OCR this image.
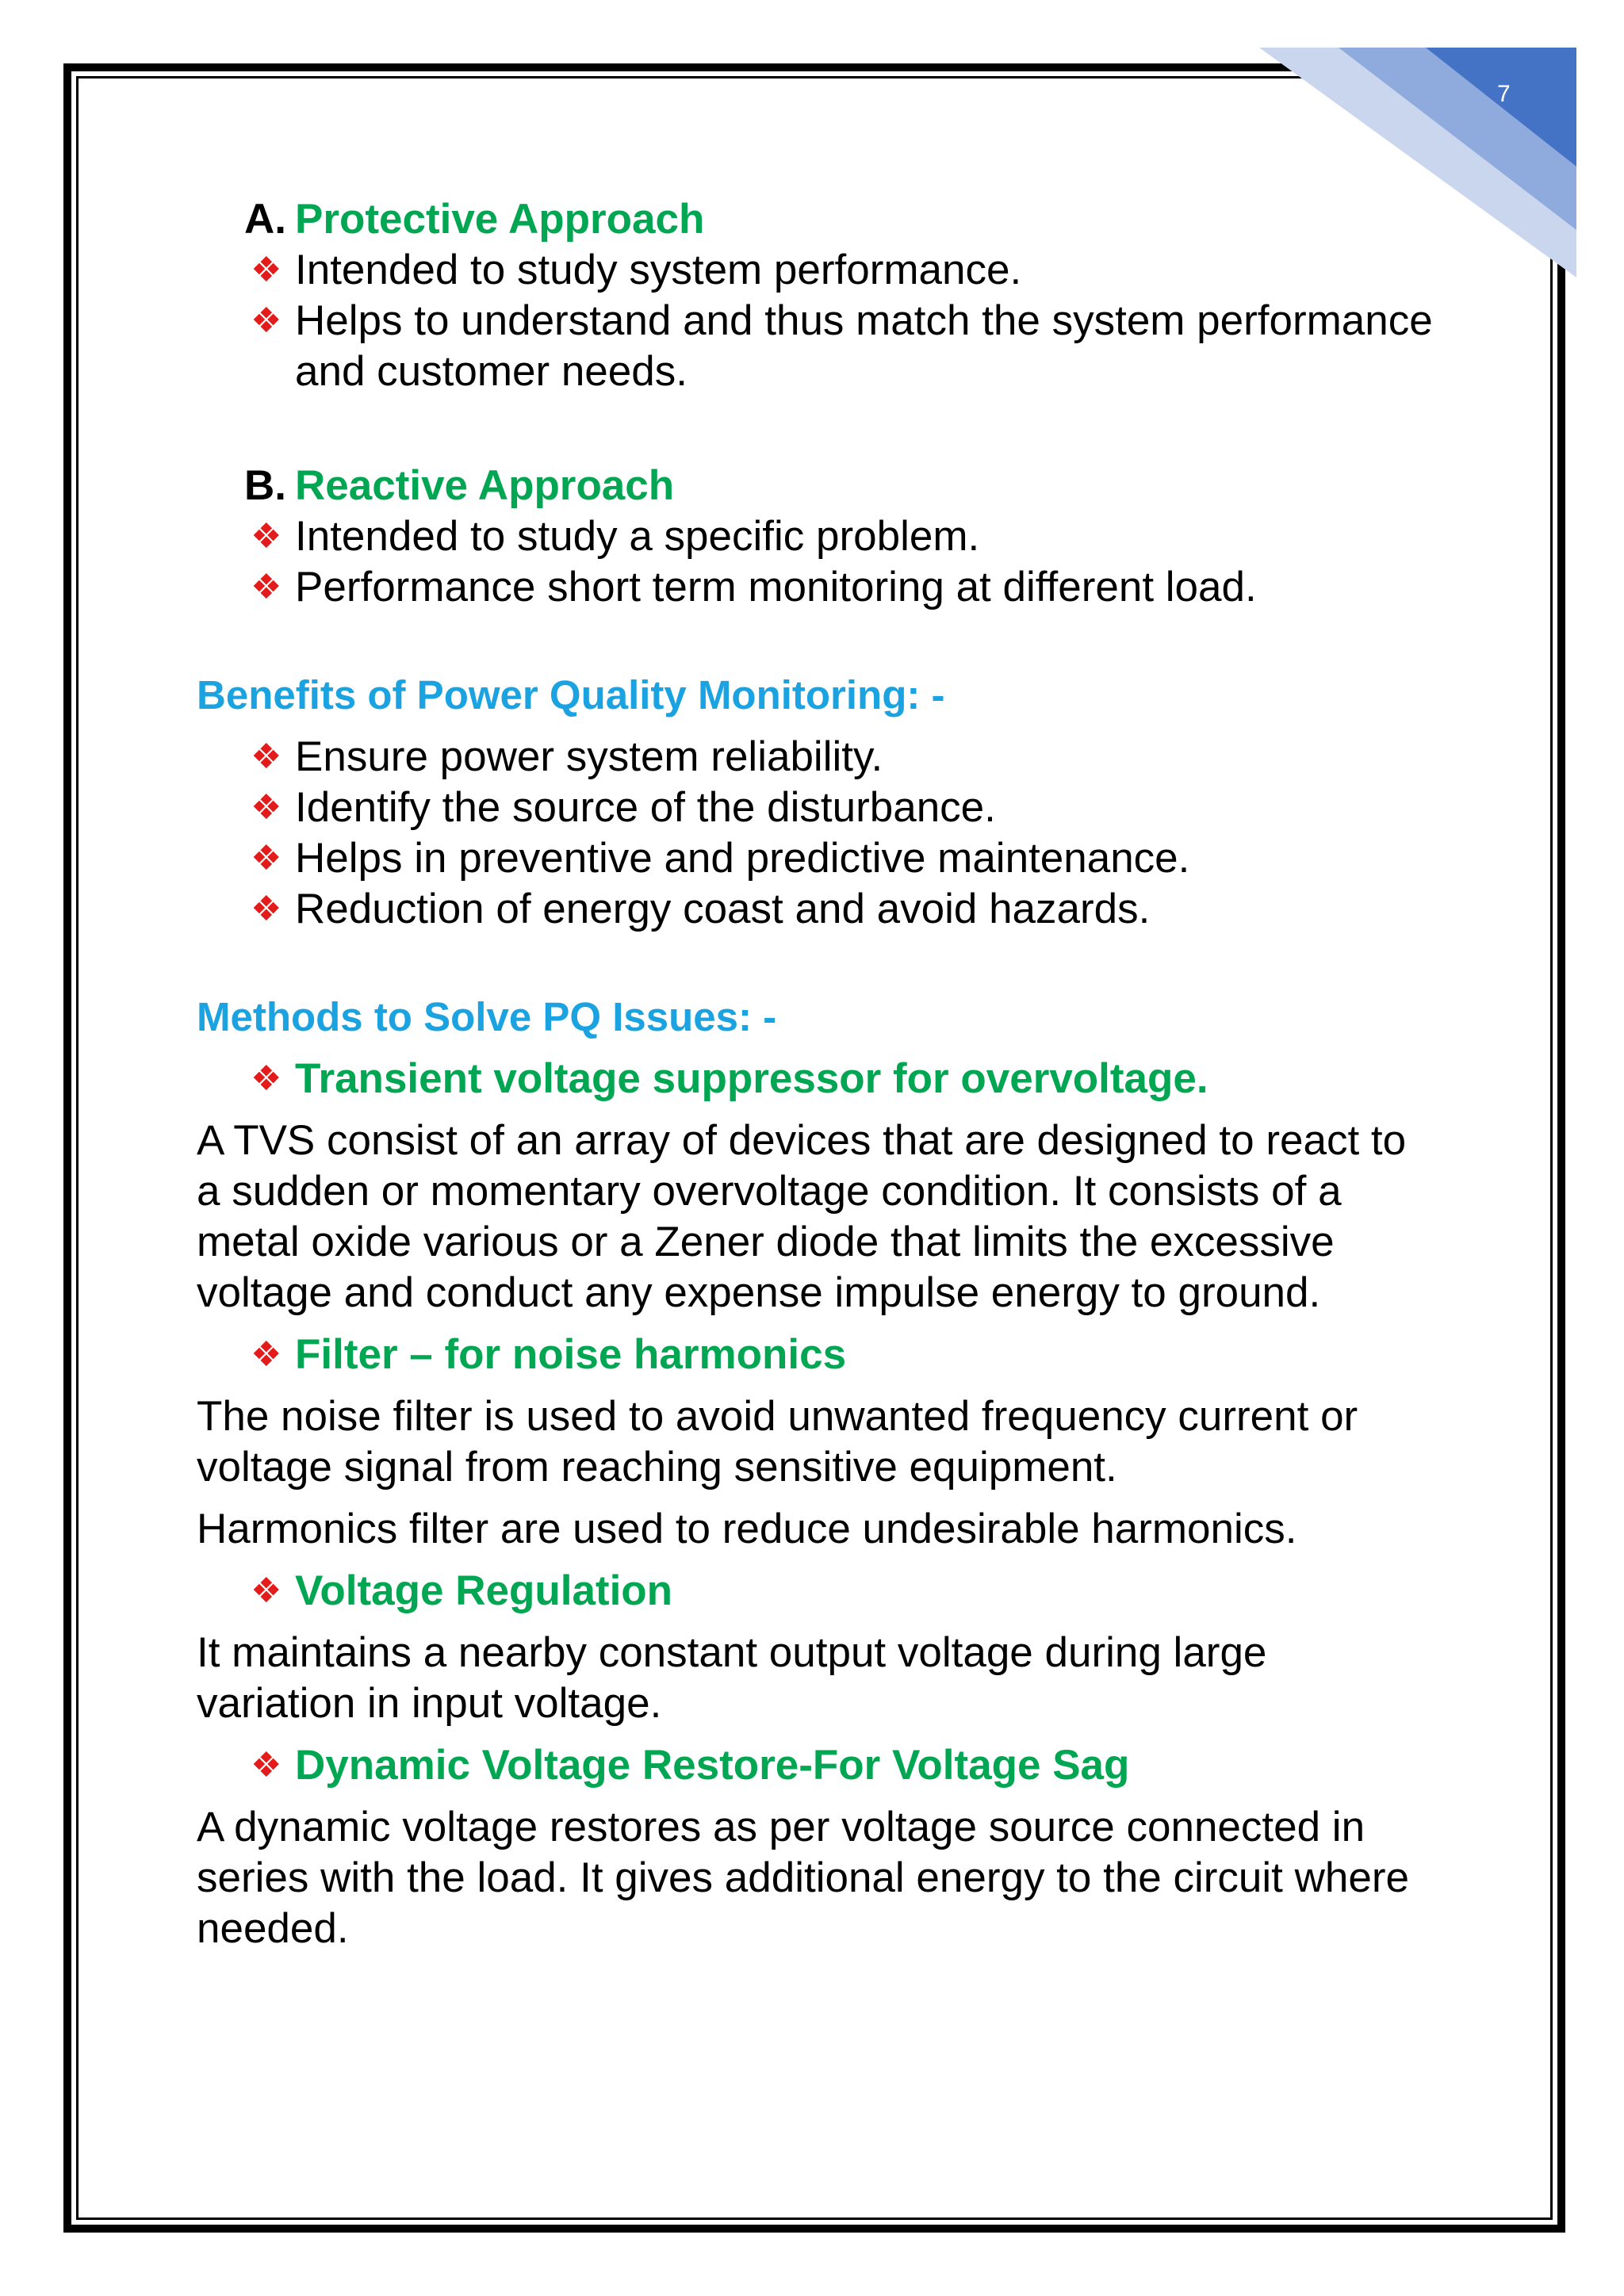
7
A. Protective Approach
❖ Intended to study system performance.
❖ Helps to understand and thus match the system performance and customer needs.
B. Reactive Approach
❖ Intended to study a specific problem.
❖ Performance short term monitoring at different load.
Benefits of Power Quality Monitoring: -
❖ Ensure power system reliability.
❖ Identify the source of the disturbance.
❖ Helps in preventive and predictive maintenance.
❖ Reduction of energy coast and avoid hazards.
Methods to Solve PQ Issues: -
❖ Transient voltage suppressor for overvoltage.
A TVS consist of an array of devices that are designed to react to a sudden or momentary overvoltage condition. It consists of a metal oxide various or a Zener diode that limits the excessive voltage and conduct any expense impulse energy to ground.
❖ Filter – for noise harmonics
The noise filter is used to avoid unwanted frequency current or voltage signal from reaching sensitive equipment.
Harmonics filter are used to reduce undesirable harmonics.
❖ Voltage Regulation
It maintains a nearby constant output voltage during large variation in input voltage.
❖ Dynamic Voltage Restore-For Voltage Sag
A dynamic voltage restores as per voltage source connected in series with the load. It gives additional energy to the circuit where needed.
